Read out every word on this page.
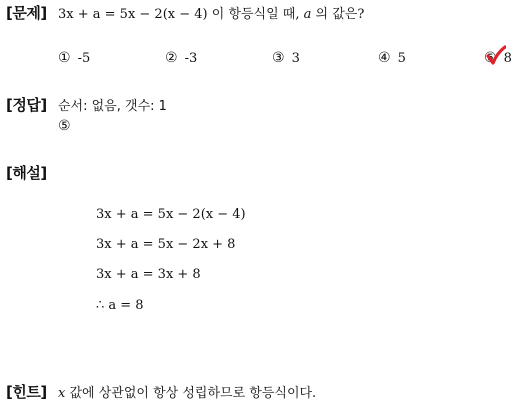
[문제] 3x + a = 5x − 2(x − 4) 이 항등식일 때, a 의 값은?
① -5	② -3	③ 3	④ 5	⑤ 8
[정답] 순서: 없음, 갯수: 1
⑤
[해설]
3x + a = 5x − 2(x − 4)
3x + a = 5x − 2x + 8
3x + a = 3x + 8
∴ a = 8
[힌트] x 값에 상관없이 항상 성립하므로 항등식이다.
